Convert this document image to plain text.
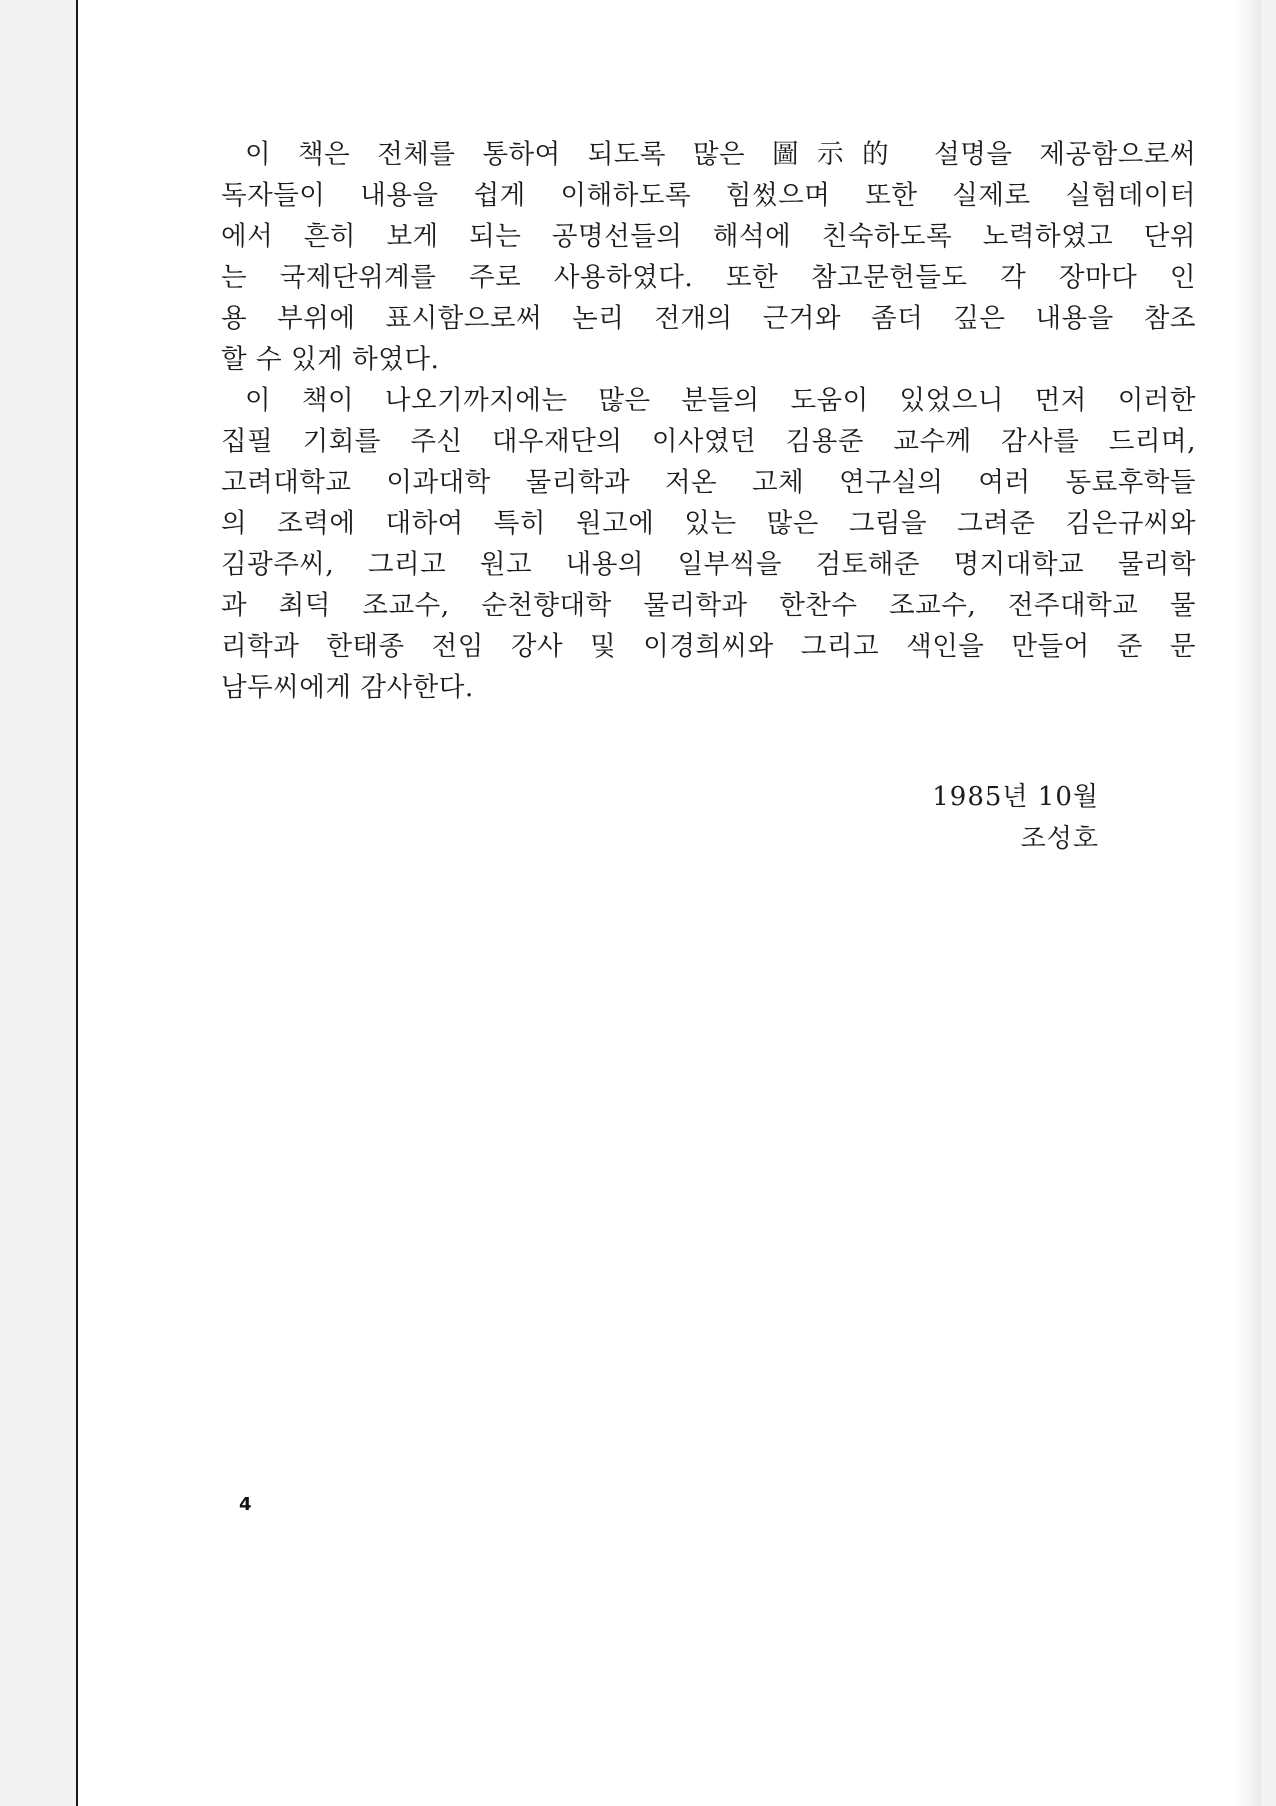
이 책은 전체를 통하여 되도록 많은 圖示的 설명을 제공함으로써
독자들이 내용을 쉽게 이해하도록 힘썼으며 또한 실제로 실험데이터
에서 흔히 보게 되는 공명선들의 해석에 친숙하도록 노력하였고 단위
는 국제단위계를 주로 사용하였다. 또한 참고문헌들도 각 장마다 인
용 부위에 표시함으로써 논리 전개의 근거와 좀더 깊은 내용을 참조
할 수 있게 하였다.
이 책이 나오기까지에는 많은 분들의 도움이 있었으니 먼저 이러한
집필 기회를 주신 대우재단의 이사였던 김용준 교수께 감사를 드리며,
고려대학교 이과대학 물리학과 저온 고체 연구실의 여러 동료후학들
의 조력에 대하여 특히 원고에 있는 많은 그림을 그려준 김은규씨와
김광주씨, 그리고 원고 내용의 일부씩을 검토해준 명지대학교 물리학
과 최덕 조교수, 순천향대학 물리학과 한찬수 조교수, 전주대학교 물
리학과 한태종 전임 강사 및 이경희씨와 그리고 색인을 만들어 준 문
남두씨에게 감사한다.
1985년 10월
조성호
4
